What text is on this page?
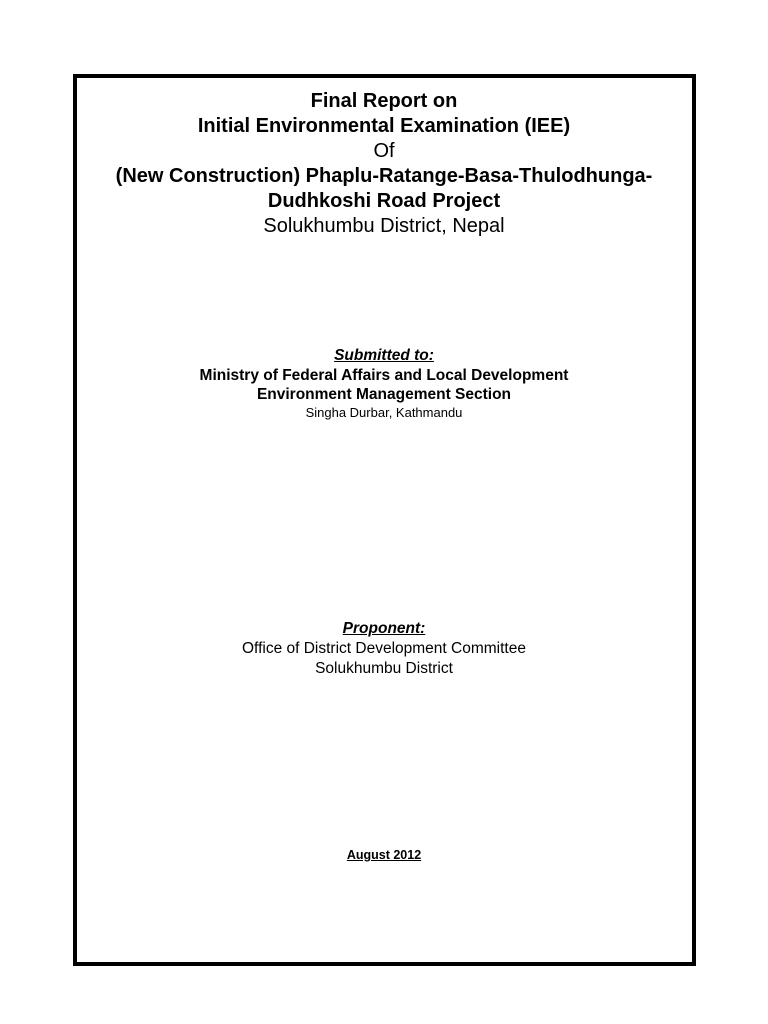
Final Report on
Initial Environmental Examination (IEE)
Of
(New Construction) Phaplu-Ratange-Basa-Thulodhunga-
Dudhkoshi Road Project
Solukhumbu District, Nepal
Submitted to:
Ministry of Federal Affairs and Local Development
Environment Management Section
Singha Durbar, Kathmandu
Proponent:
Office of District Development Committee
Solukhumbu District
August 2012
